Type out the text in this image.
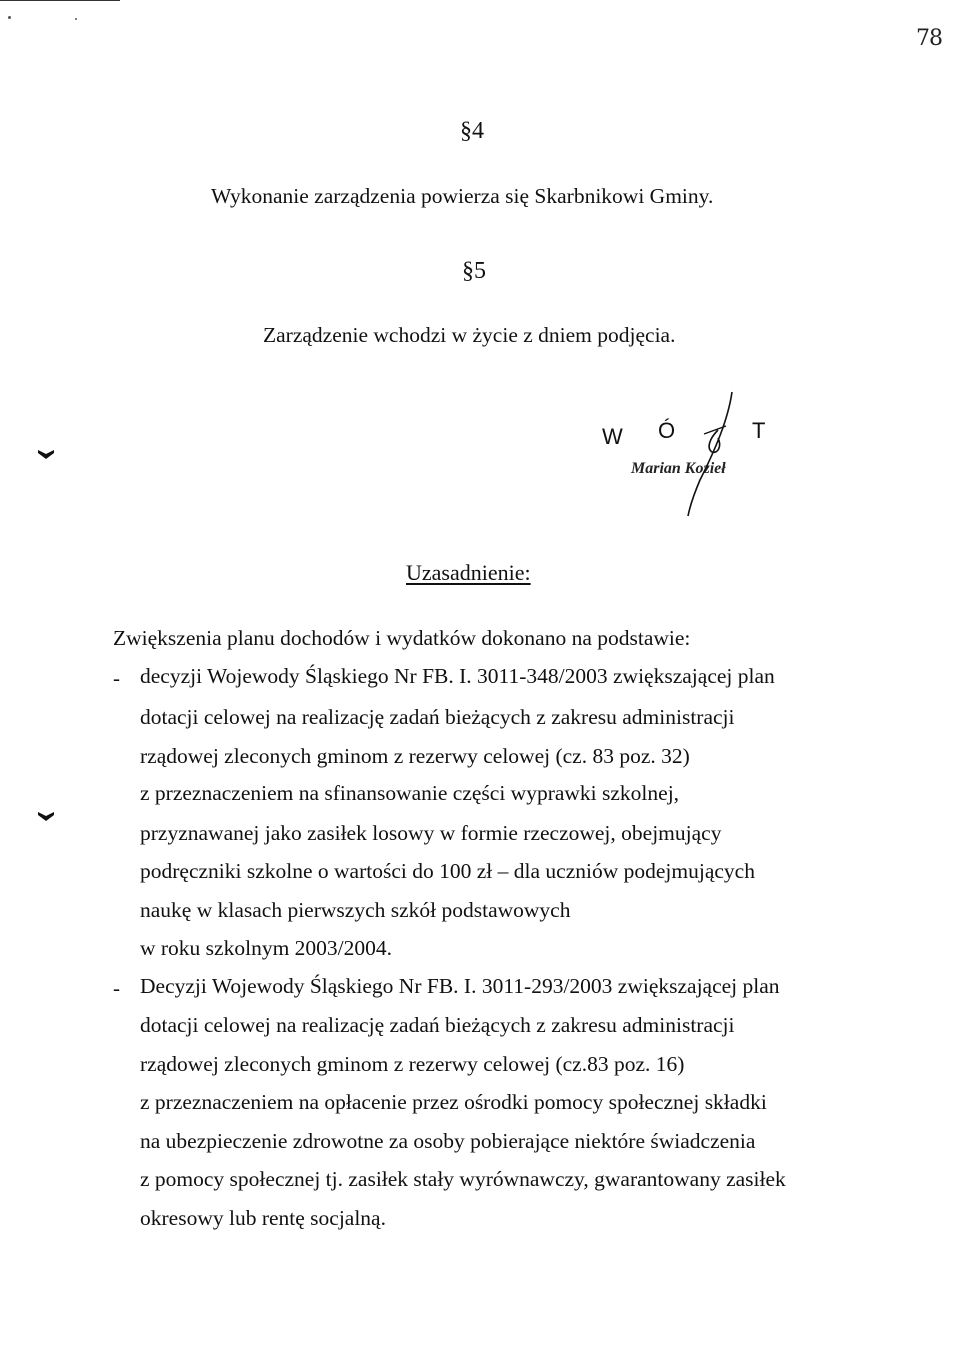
78
§4
Wykonanie zarządzenia powierza się Skarbnikowi Gminy.
§5
Zarządzenie wchodzi w życie z dniem podjęcia.
W Ó	T
Marian Kozieł
Uzasadnienie:
Zwiększenia planu dochodów i wydatków dokonano na podstawie:
- decyzji Wojewody Śląskiego Nr FB. I. 3011-348/2003 zwiększającej plan
dotacji celowej na realizację zadań bieżących z zakresu administracji
rządowej zleconych gminom z rezerwy celowej (cz. 83 poz. 32)
z przeznaczeniem na sfinansowanie części wyprawki szkolnej,
przyznawanej jako zasiłek losowy w formie rzeczowej, obejmujący
podręczniki szkolne o wartości do 100 zł – dla uczniów podejmujących
naukę w klasach pierwszych szkół podstawowych
w roku szkolnym 2003/2004.
- Decyzji Wojewody Śląskiego Nr FB. I. 3011-293/2003 zwiększającej plan
dotacji celowej na realizację zadań bieżących z zakresu administracji
rządowej zleconych gminom z rezerwy celowej (cz.83 poz. 16)
z przeznaczeniem na opłacenie przez ośrodki pomocy społecznej składki
na ubezpieczenie zdrowotne za osoby pobierające niektóre świadczenia
z pomocy społecznej tj. zasiłek stały wyrównawczy, gwarantowany zasiłek
okresowy lub rentę socjalną.
